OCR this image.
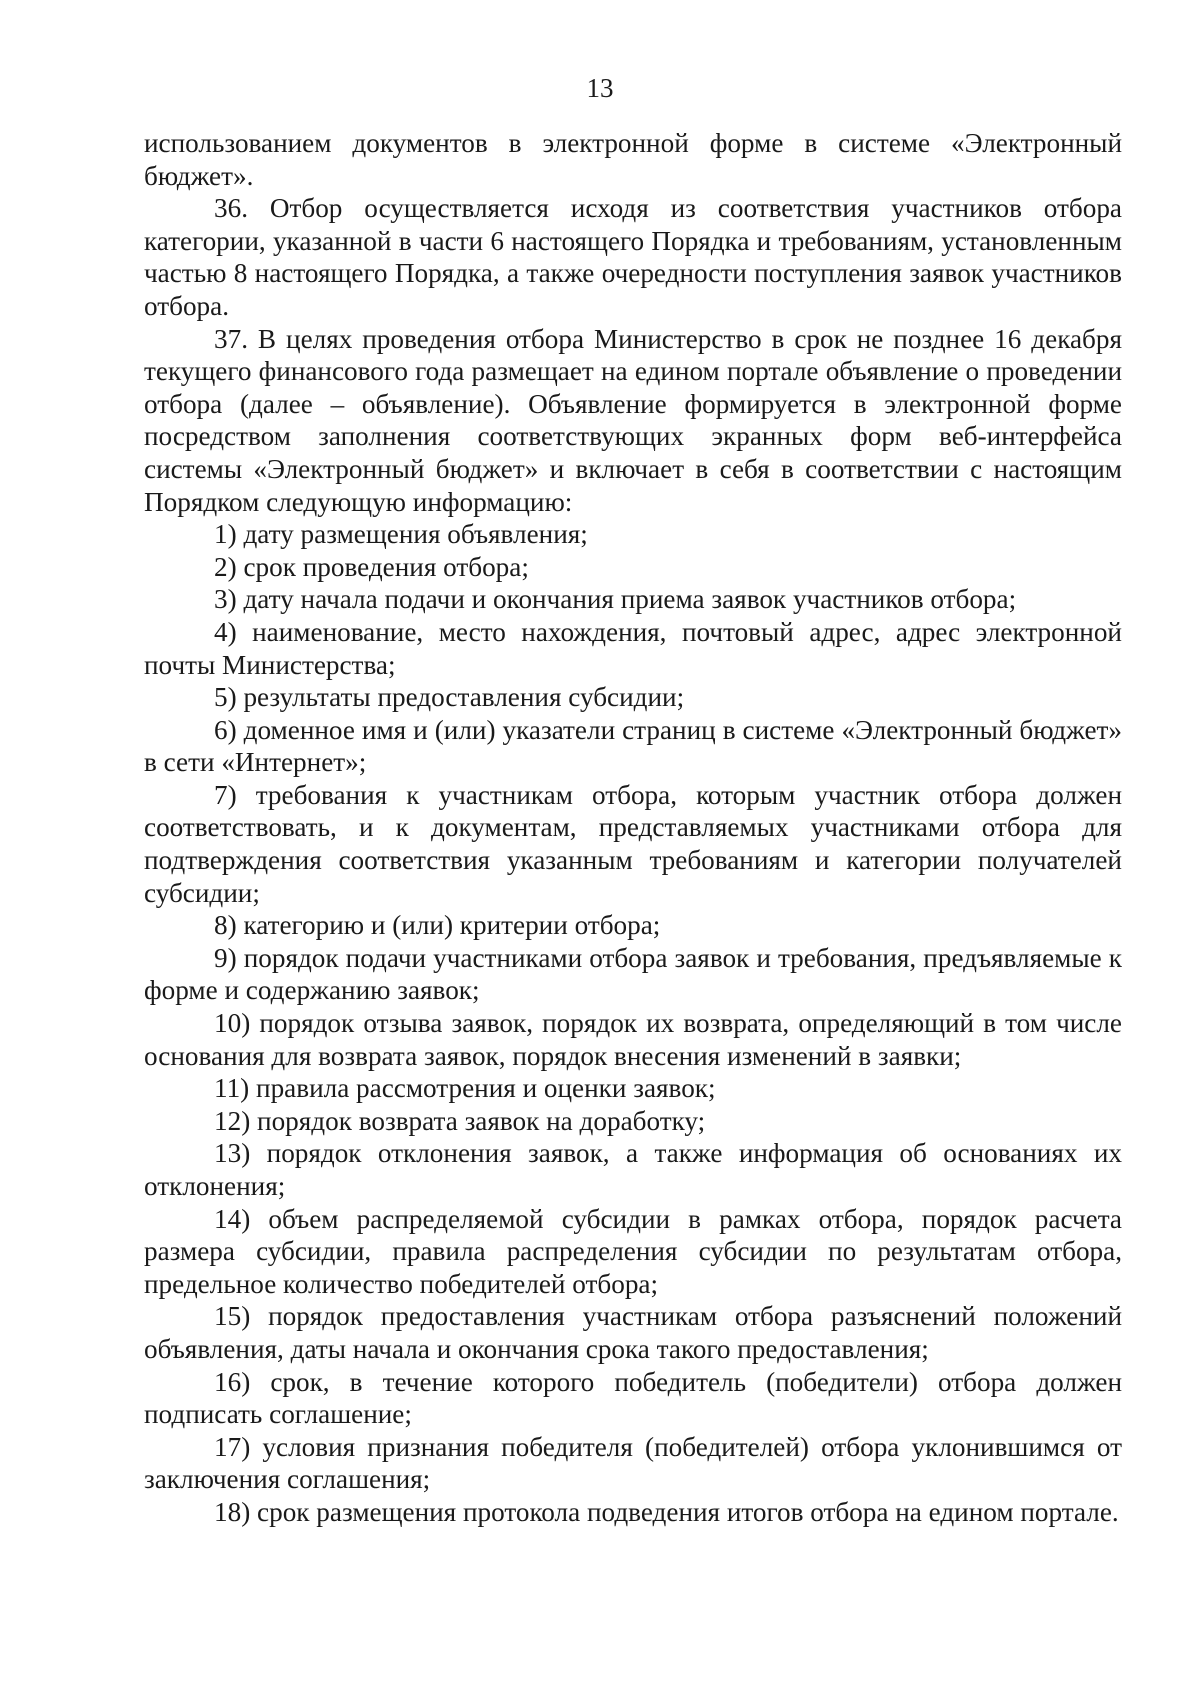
13

использованием документов в электронной форме в системе «Электронный бюджет».

36. Отбор осуществляется исходя из соответствия участников отбора категории, указанной в части 6 настоящего Порядка и требованиям, установленным частью 8 настоящего Порядка, а также очередности поступления заявок участников отбора.

37. В целях проведения отбора Министерство в срок не позднее 16 декабря текущего финансового года размещает на едином портале объявление о проведении отбора (далее – объявление). Объявление формируется в электронной форме посредством заполнения соответствующих экранных форм веб-интерфейса системы «Электронный бюджет» и включает в себя в соответствии с настоящим Порядком следующую информацию:

1) дату размещения объявления;

2) срок проведения отбора;

3) дату начала подачи и окончания приема заявок участников отбора;

4) наименование, место нахождения, почтовый адрес, адрес электронной почты Министерства;

5) результаты предоставления субсидии;

6) доменное имя и (или) указатели страниц в системе «Электронный бюджет» в сети «Интернет»;

7) требования к участникам отбора, которым участник отбора должен соответствовать, и к документам, представляемых участниками отбора для подтверждения соответствия указанным требованиям и категории получателей субсидии;

8) категорию и (или) критерии отбора;

9) порядок подачи участниками отбора заявок и требования, предъявляемые к форме и содержанию заявок;

10) порядок отзыва заявок, порядок их возврата, определяющий в том числе основания для возврата заявок, порядок внесения изменений в заявки;

11) правила рассмотрения и оценки заявок;

12) порядок возврата заявок на доработку;

13) порядок отклонения заявок, а также информация об основаниях их отклонения;

14) объем распределяемой субсидии в рамках отбора, порядок расчета размера субсидии, правила распределения субсидии по результатам отбора, предельное количество победителей отбора;

15) порядок предоставления участникам отбора разъяснений положений объявления, даты начала и окончания срока такого предоставления;

16) срок, в течение которого победитель (победители) отбора должен подписать соглашение;

17) условия признания победителя (победителей) отбора уклонившимся от заключения соглашения;

18) срок размещения протокола подведения итогов отбора на едином портале.
